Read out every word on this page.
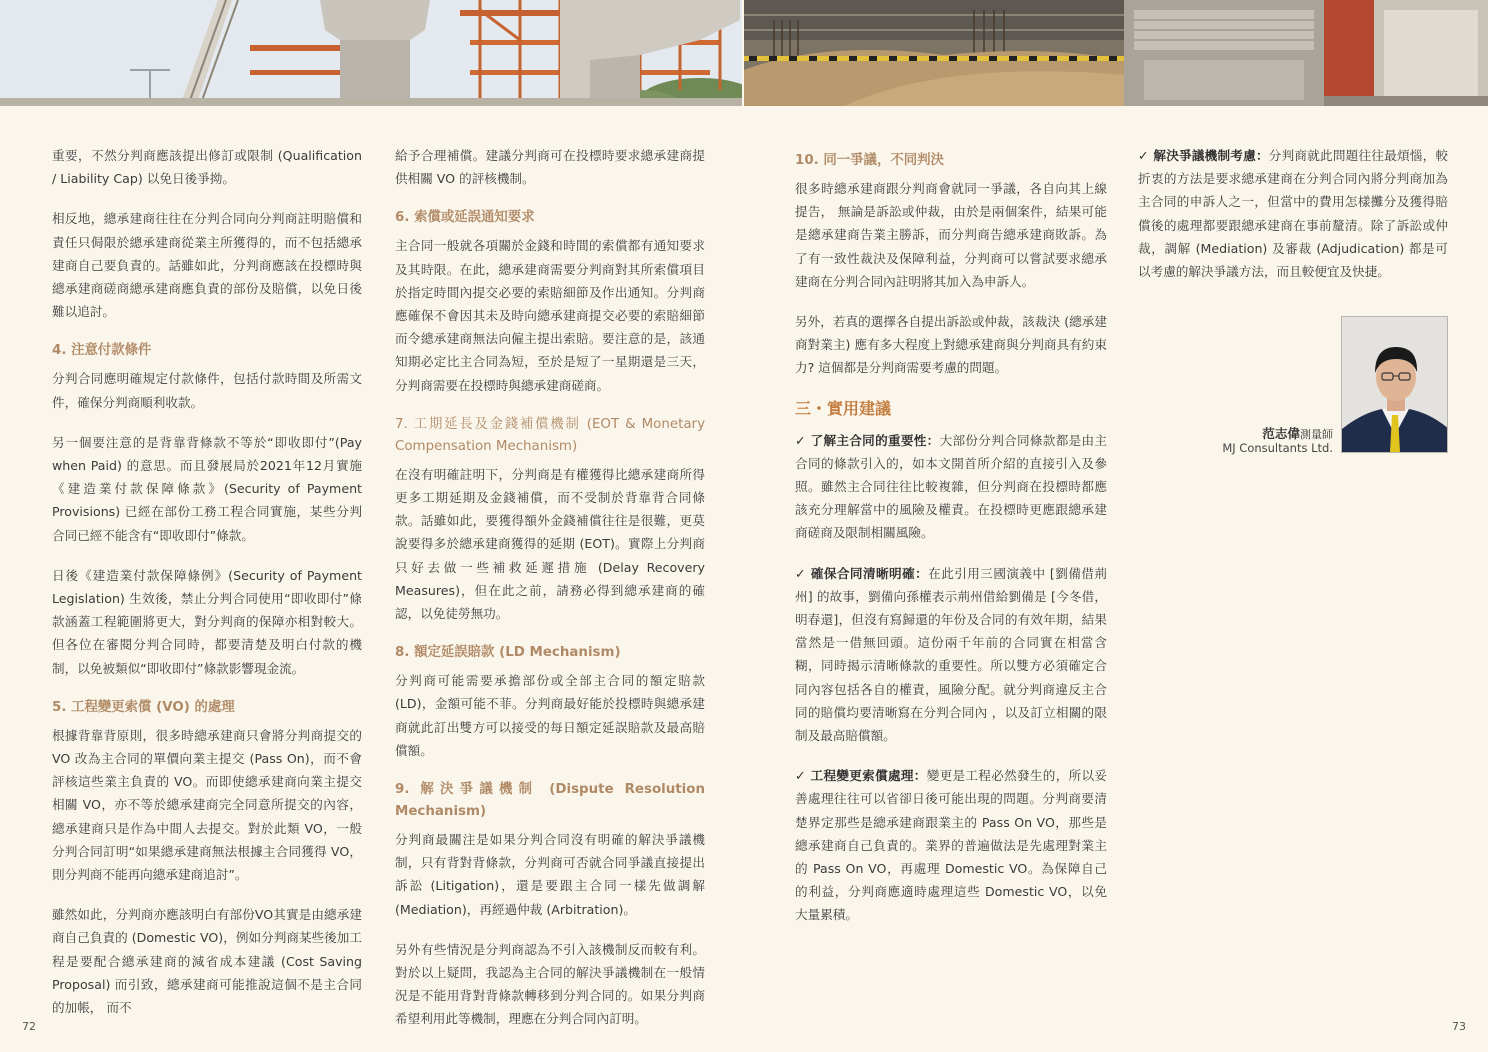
重要，不然分判商應該提出修訂或限制 (Qualification / Liability Cap) 以免日後爭拗。

相反地，總承建商往往在分判合同向分判商註明賠償和責任只侷限於總承建商從業主所獲得的，而不包括總承建商自己要負責的。話雖如此，分判商應該在投標時與總承建商磋商總承建商應負責的部份及賠償，以免日後難以追討。

4. 注意付款條件

分判合同應明確規定付款條件，包括付款時間及所需文件，確保分判商順利收款。

另一個要注意的是背靠背條款不等於“即收即付”(Pay when Paid) 的意思。而且發展局於2021年12月實施《建造業付款保障條款》(Security of Payment Provisions) 已經在部份工務工程合同實施，某些分判合同已經不能含有“即收即付”條款。

日後《建造業付款保障條例》(Security of Payment Legislation) 生效後，禁止分判合同使用“即收即付”條款涵蓋工程範圍將更大，對分判商的保障亦相對較大。但各位在審閱分判合同時，都要清楚及明白付款的機制，以免被類似“即收即付”條款影響現金流。

5. 工程變更索償 (VO) 的處理

根據背靠背原則，很多時總承建商只會將分判商提交的 VO 改為主合同的單價向業主提交 (Pass On)，而不會評核這些業主負責的 VO。而即使總承建商向業主提交相關 VO，亦不等於總承建商完全同意所提交的內容，總承建商只是作為中間人去提交。對於此類 VO，一般分判合同訂明“如果總承建商無法根據主合同獲得 VO，則分判商不能再向總承建商追討”。

雖然如此，分判商亦應該明白有部份VO其實是由總承建商自己負責的 (Domestic VO)，例如分判商某些後加工程是要配合總承建商的減省成本建議 (Cost Saving Proposal) 而引致，總承建商可能推說這個不是主合同的加帳， 而不

給予合理補償。建議分判商可在投標時要求總承建商提供相關 VO 的評核機制。

6. 索償或延誤通知要求

主合同一般就各項關於金錢和時間的索償都有通知要求及其時限。在此，總承建商需要分判商對其所索償項目於指定時間內提交必要的索賠細節及作出通知。分判商應確保不會因其未及時向總承建商提交必要的索賠細節而令總承建商無法向僱主提出索賠。要注意的是，該通知期必定比主合同為短，至於是短了一星期還是三天，分判商需要在投標時與總承建商磋商。

7. 工期延長及金錢補償機制 (EOT & Monetary Compensation Mechanism)

在沒有明確註明下，分判商是有權獲得比總承建商所得更多工期延期及金錢補償，而不受制於背靠背合同條款。話雖如此，要獲得額外金錢補償往往是很難，更莫說要得多於總承建商獲得的延期 (EOT)。實際上分判商只好去做一些補救延遲措施 (Delay Recovery Measures)，但在此之前，請務必得到總承建商的確認，以免徒勞無功。

8. 額定延誤賠款 (LD Mechanism)

分判商可能需要承擔部份或全部主合同的額定賠款 (LD)，金額可能不菲。分判商最好能於投標時與總承建商就此訂出雙方可以接受的每日額定延誤賠款及最高賠償額。

9. 解決爭議機制 (Dispute Resolution Mechanism)

分判商最關注是如果分判合同沒有明確的解決爭議機制，只有背對背條款，分判商可否就合同爭議直接提出訴訟 (Litigation)，還是要跟主合同一樣先做調解 (Mediation)，再經過仲裁 (Arbitration)。

另外有些情況是分判商認為不引入該機制反而較有利。對於以上疑問，我認為主合同的解決爭議機制在一般情況是不能用背對背條款轉移到分判合同的。如果分判商希望利用此等機制，理應在分判合同內訂明。

10. 同一爭議，不同判決

很多時總承建商跟分判商會就同一爭議，各自向其上線提告， 無論是訴訟或仲裁，由於是兩個案件，結果可能是總承建商告業主勝訴，而分判商告總承建商敗訴。為了有一致性裁決及保障利益，分判商可以嘗試要求總承建商在分判合同內註明將其加入為申訴人。

另外，若真的選擇各自提出訴訟或仲裁，該裁決 (總承建商對業主) 應有多大程度上對總承建商與分判商具有約束力? 這個都是分判商需要考慮的問題。

三・實用建議

✓ 了解主合同的重要性：大部份分判合同條款都是由主合同的條款引入的，如本文開首所介紹的直接引入及參照。雖然主合同往往比較複雜，但分判商在投標時都應該充分理解當中的風險及權責。在投標時更應跟總承建商磋商及限制相關風險。

✓ 確保合同清晰明確：在此引用三國演義中 [劉備借荊州] 的故事，劉備向孫權表示荊州借給劉備是 [今冬借，明春還]，但沒有寫歸還的年份及合同的有效年期，結果當然是一借無回頭。這份兩千年前的合同實在相當含糊，同時揭示清晰條款的重要性。所以雙方必須確定合同內容包括各自的權責，風險分配。就分判商違反主合同的賠償均要清晰寫在分判合同內 ，以及訂立相關的限制及最高賠償額。

✓ 工程變更索償處理：變更是工程必然發生的，所以妥善處理往往可以省卻日後可能出現的問題。分判商要清楚界定那些是總承建商跟業主的 Pass On VO，那些是總承建商自己負責的。業界的普遍做法是先處理對業主的 Pass On VO，再處理 Domestic VO。為保障自己的利益，分判商應適時處理這些 Domestic VO，以免大量累積。

✓ 解決爭議機制考慮：分判商就此問題往往最煩惱，較折衷的方法是要求總承建商在分判合同內將分判商加為主合同的申訴人之一，但當中的費用怎樣攤分及獲得賠償後的處理都要跟總承建商在事前釐清。除了訴訟或仲裁，調解 (Mediation) 及審裁 (Adjudication) 都是可以考慮的解決爭議方法，而且較便宜及快捷。

范志偉測量師
MJ Consultants Ltd.
72	73
